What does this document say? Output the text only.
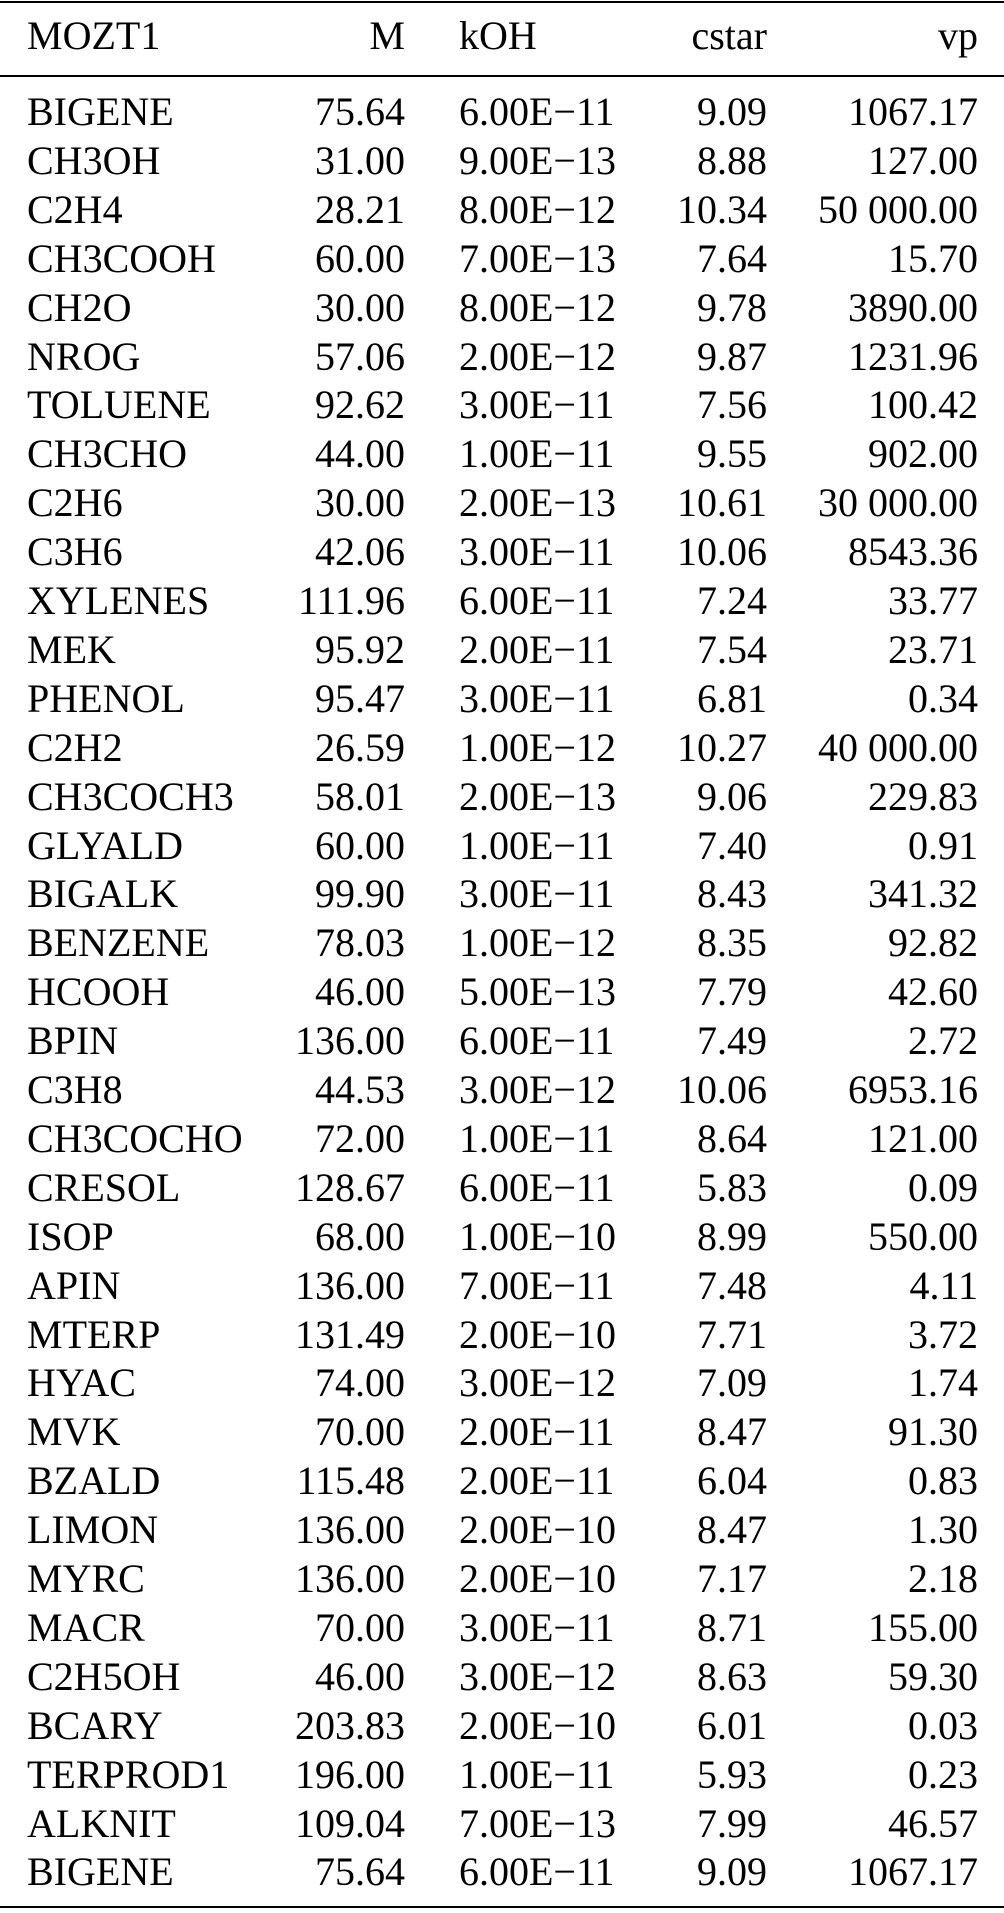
MOZT1	M kOH	cstar	vp
BIGENE	75.64 6.00E−11 9.09 1067.17
CH3OH	31.00 9.00E−13 8.88	127.00
C2H4	28.21 8.00E−12 10.34 50 000.00
CH3COOH 60.00 7.00E−13 7.64	15.70
CH2O	30.00 8.00E−12 9.78 3890.00
NROG	57.06 2.00E−12 9.87 1231.96
TOLUENE	92.62 3.00E−11 7.56	100.42
CH3CHO	44.00 1.00E−11 9.55	902.00
C2H6	30.00 2.00E−13 10.61 30 000.00
C3H6	42.06 3.00E−11 10.06 8543.36
XYLENES 111.96 6.00E−11 7.24	33.77
MEK	95.92 2.00E−11 7.54	23.71
PHENOL	95.47 3.00E−11 6.81	0.34
C2H2	26.59 1.00E−12 10.27 40 000.00
CH3COCH3 58.01 2.00E−13 9.06	229.83
GLYALD	60.00 1.00E−11 7.40	0.91
BIGALK	99.90 3.00E−11 8.43	341.32
BENZENE	78.03 1.00E−12 8.35	92.82
HCOOH	46.00 5.00E−13 7.79	42.60
BPIN	136.00 6.00E−11 7.49	2.72
C3H8	44.53 3.00E−12 10.06 6953.16
CH3COCHO 72.00 1.00E−11 8.64	121.00
CRESOL	128.67 6.00E−11 5.83	0.09
ISOP	68.00 1.00E−10 8.99	550.00
APIN	136.00 7.00E−11 7.48	4.11
MTERP	131.49 2.00E−10 7.71	3.72
HYAC	74.00 3.00E−12 7.09	1.74
MVK	70.00 2.00E−11 8.47	91.30
BZALD	115.48 2.00E−11 6.04	0.83
LIMON	136.00 2.00E−10 8.47	1.30
MYRC	136.00 2.00E−10 7.17	2.18
MACR	70.00 3.00E−11 8.71	155.00
C2H5OH	46.00 3.00E−12 8.63	59.30
BCARY	203.83 2.00E−10 6.01	0.03
TERPROD1 196.00 1.00E−11 5.93	0.23
ALKNIT	109.04 7.00E−13 7.99	46.57
BIGENE	75.64 6.00E−11 9.09 1067.17
